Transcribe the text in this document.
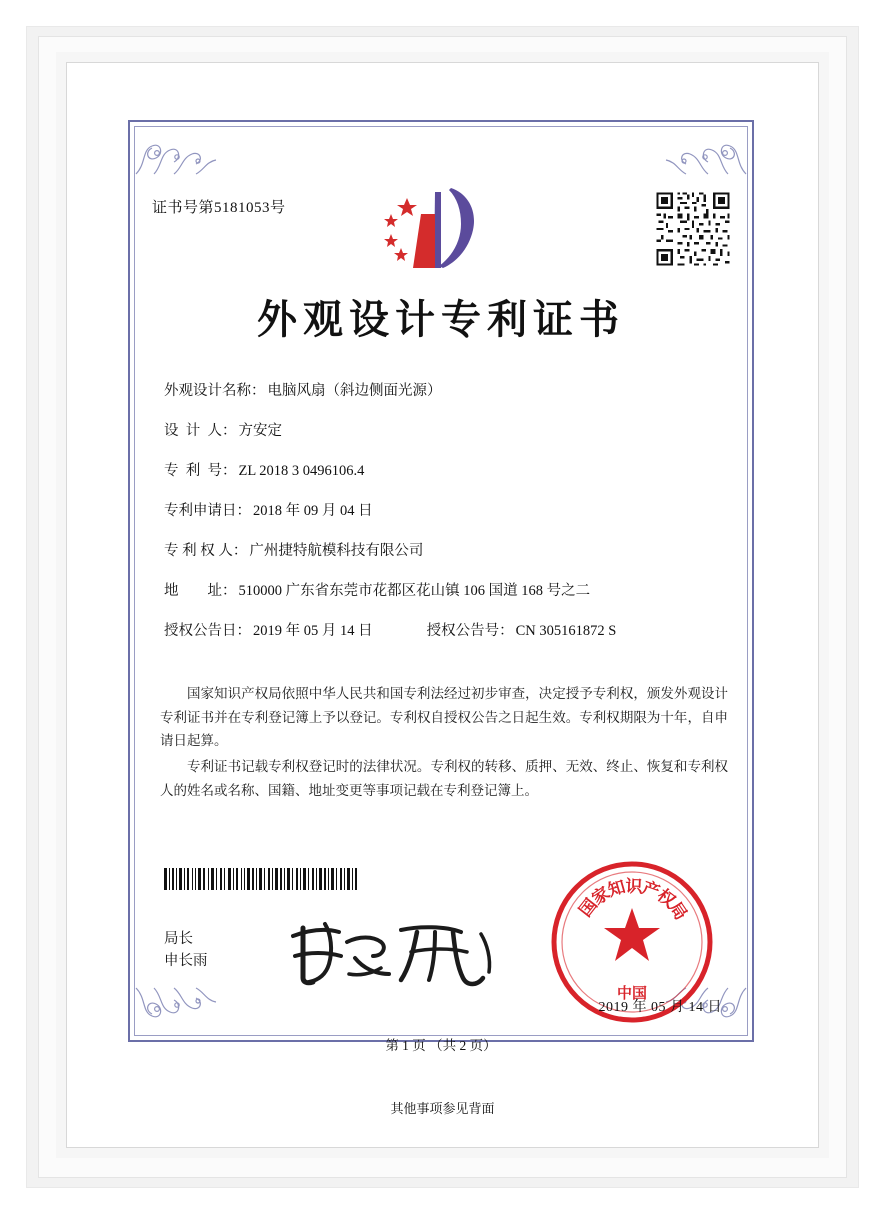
证书号第5181053号
外观设计专利证书
外观设计名称： 电脑风扇（斜边侧面光源）
设  计  人： 方安定
专  利  号： ZL 2018 3 0496106.4
专利申请日： 2018 年 09 月 04 日
专 利 权 人： 广州捷特航模科技有限公司
地        址： 510000 广东省东莞市花都区花山镇 106 国道 168 号之二
授权公告日： 2019 年 05 月 14 日	授权公告号： CN 305161872 S

国家知识产权局依照中华人民共和国专利法经过初步审查，决定授予专利权，颁发外观设计专利证书并在专利登记簿上予以登记。专利权自授权公告之日起生效。专利权期限为十年，自申请日起算。

专利证书记载专利权登记时的法律状况。专利权的转移、质押、无效、终止、恢复和专利权人的姓名或名称、国籍、地址变更等事项记载在专利登记簿上。

局长
申长雨
国
家
知
识
产
权
局
中国
2019 年 05 月 14 日
第 1 页 （共 2 页）
其他事项参见背面
